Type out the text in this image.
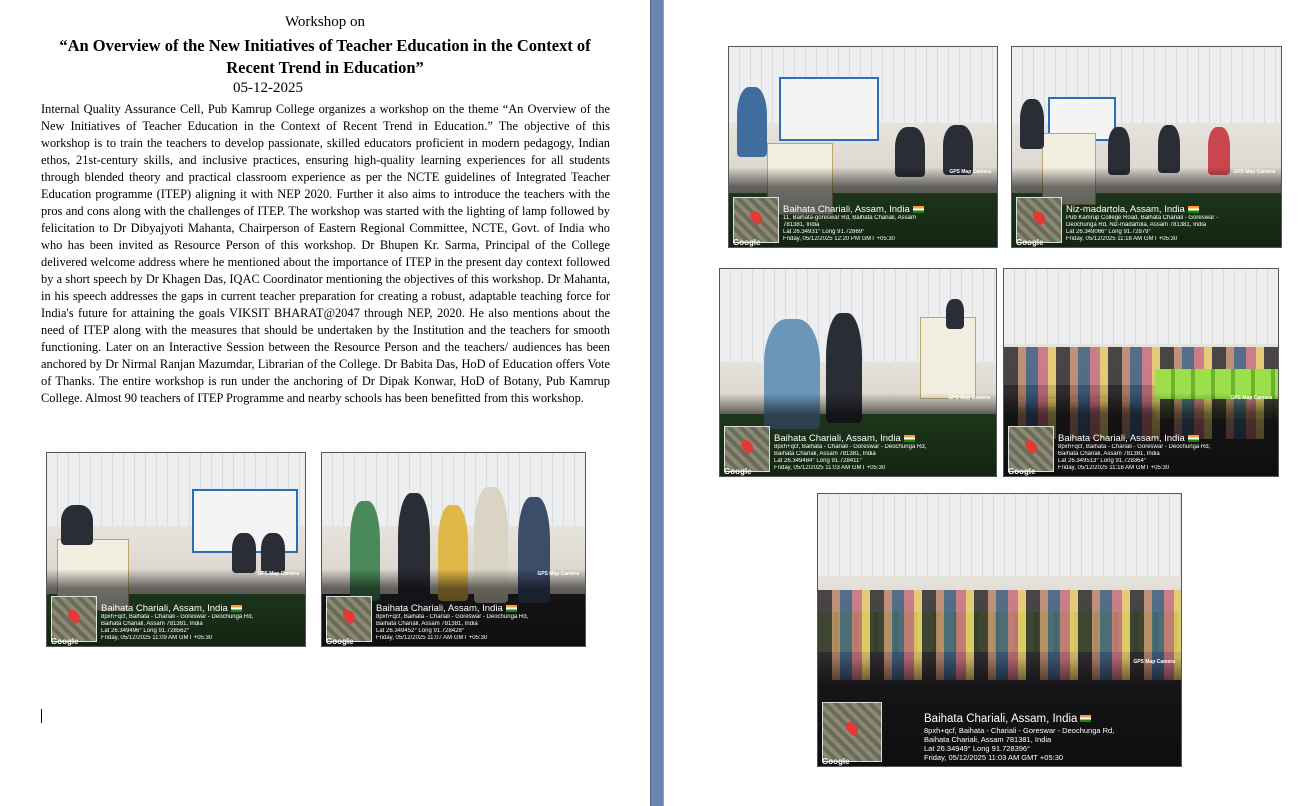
Workshop on
“An Overview of the New Initiatives of Teacher Education in the Context of Recent Trend in Education”
05-12-2025
Internal Quality Assurance Cell, Pub Kamrup College organizes a workshop on the theme “An Overview of the New Initiatives of Teacher Education in the Context of Recent Trend in Education.” The objective of this workshop is to train the teachers to develop passionate, skilled educators proficient in modern pedagogy, Indian ethos, 21st-century skills, and inclusive practices, ensuring high-quality learning experiences for all students through blended theory and practical classroom experience as per the NCTE guidelines of Integrated Teacher Education programme (ITEP) aligning it with NEP 2020. Further it also aims to introduce the teachers with the pros and cons along with the challenges of ITEP. The workshop was started with the lighting of lamp followed by felicitation to Dr Dibyajyoti Mahanta, Chairperson of Eastern Regional Committee, NCTE, Govt. of India who who has been invited as Resource Person of this workshop. Dr Bhupen Kr. Sarma, Principal of the College delivered welcome address where he mentioned about the importance of ITEP in the present day context followed by a short speech by Dr Khagen Das, IQAC Coordinator mentioning the objectives of this workshop. Dr Mahanta, in his speech addresses the gaps in current teacher preparation for creating a robust, adaptable teaching force for India's future for attaining the goals VIKSIT BHARAT@2047 through NEP, 2020. He also mentions about the need of ITEP along with the measures that should be undertaken by the Institution and the teachers for smooth functioning. Later on an Interactive Session between the Resource Person and the teachers/ audiences has been anchored by Dr Nirmal Ranjan Mazumdar, Librarian of the College. Dr Babita Das, HoD of Education offers Vote of Thanks. The entire workshop is run under the anchoring of Dr Dipak Konwar, HoD of Botany, Pub Kamrup College. Almost 90 teachers of ITEP Programme and nearby schools has been benefitted from this workshop.
GPS Map Camera
Google
Baihata Chariali, Assam, India
8pxh+qcf, Baihata - Chariali - Goreswar - Deochunga Rd,
Baihata Chariali, Assam 781381, India
Lat 26.349496° Long 91.728562°
Friday, 05/12/2025 11:09 AM GMT +05:30
GPS Map Camera
Google
Baihata Chariali, Assam, India
8pxh+qcf, Baihata - Chariali - Goreswar - Deochunga Rd,
Baihata Chariali, Assam 781381, India
Lat 26.349452° Long 91.728428°
Friday, 05/12/2025 11:07 AM GMT +05:30
GPS Map Camera
Google
Baihata Chariali, Assam, India
11, Baihata-goreswar Rd, Baihata Chariali, Assam
781381, India
Lat 26.34931° Long 91.72869°
Friday, 05/12/2025 12:20 PM GMT +05:30
GPS Map Camera
Google
Niz-madartola, Assam, India
Pub Kamrup College Road, Baihata Chariali - Goreswar -
Deochunga Rd, Niz-madartola, Assam 781381, India
Lat 26.349066° Long 91.72879°
Friday, 05/12/2025 11:18 AM GMT +05:30
GPS Map Camera
Google
Baihata Chariali, Assam, India
8pxh+qcf, Baihata - Chariali - Goreswar - Deochunga Rd,
Baihata Chariali, Assam 781381, India
Lat 26.349484° Long 91.728411°
Friday, 05/12/2025 11:03 AM GMT +05:30
GPS Map Camera
Google
Baihata Chariali, Assam, India
8pxh+qcf, Baihata - Chariali - Goreswar - Deochunga Rd,
Baihata Chariali, Assam 781381, India
Lat 26.349513° Long 91.728364°
Friday, 05/12/2025 11:18 AM GMT +05:30
GPS Map Camera
Google
Baihata Chariali, Assam, India
8pxh+qcf, Baihata - Chariali - Goreswar - Deochunga Rd,
Baihata Chariali, Assam 781381, India
Lat 26.34949° Long 91.728396°
Friday, 05/12/2025 11:03 AM GMT +05:30
